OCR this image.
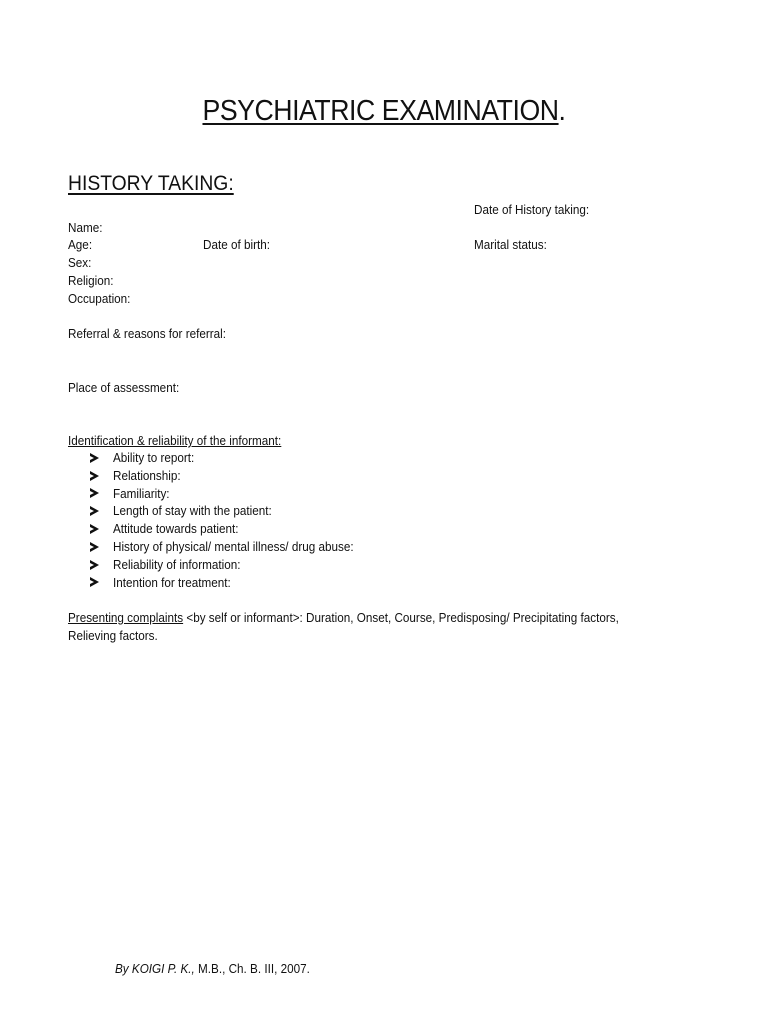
PSYCHIATRIC EXAMINATION.
HISTORY TAKING:
Date of History taking:
Name:
Age:	Date of birth:	Marital status:
Sex:
Religion:
Occupation:
Referral & reasons for referral:
Place of assessment:
Identification & reliability of the informant:
Ability to report:
Relationship:
Familiarity:
Length of stay with the patient:
Attitude towards patient:
History of physical/ mental illness/ drug abuse:
Reliability of information:
Intention for treatment:
Presenting complaints <by self or informant>: Duration, Onset, Course, Predisposing/ Precipitating factors,
Relieving factors.
By KOIGI P. K., M.B., Ch. B. III, 2007.
